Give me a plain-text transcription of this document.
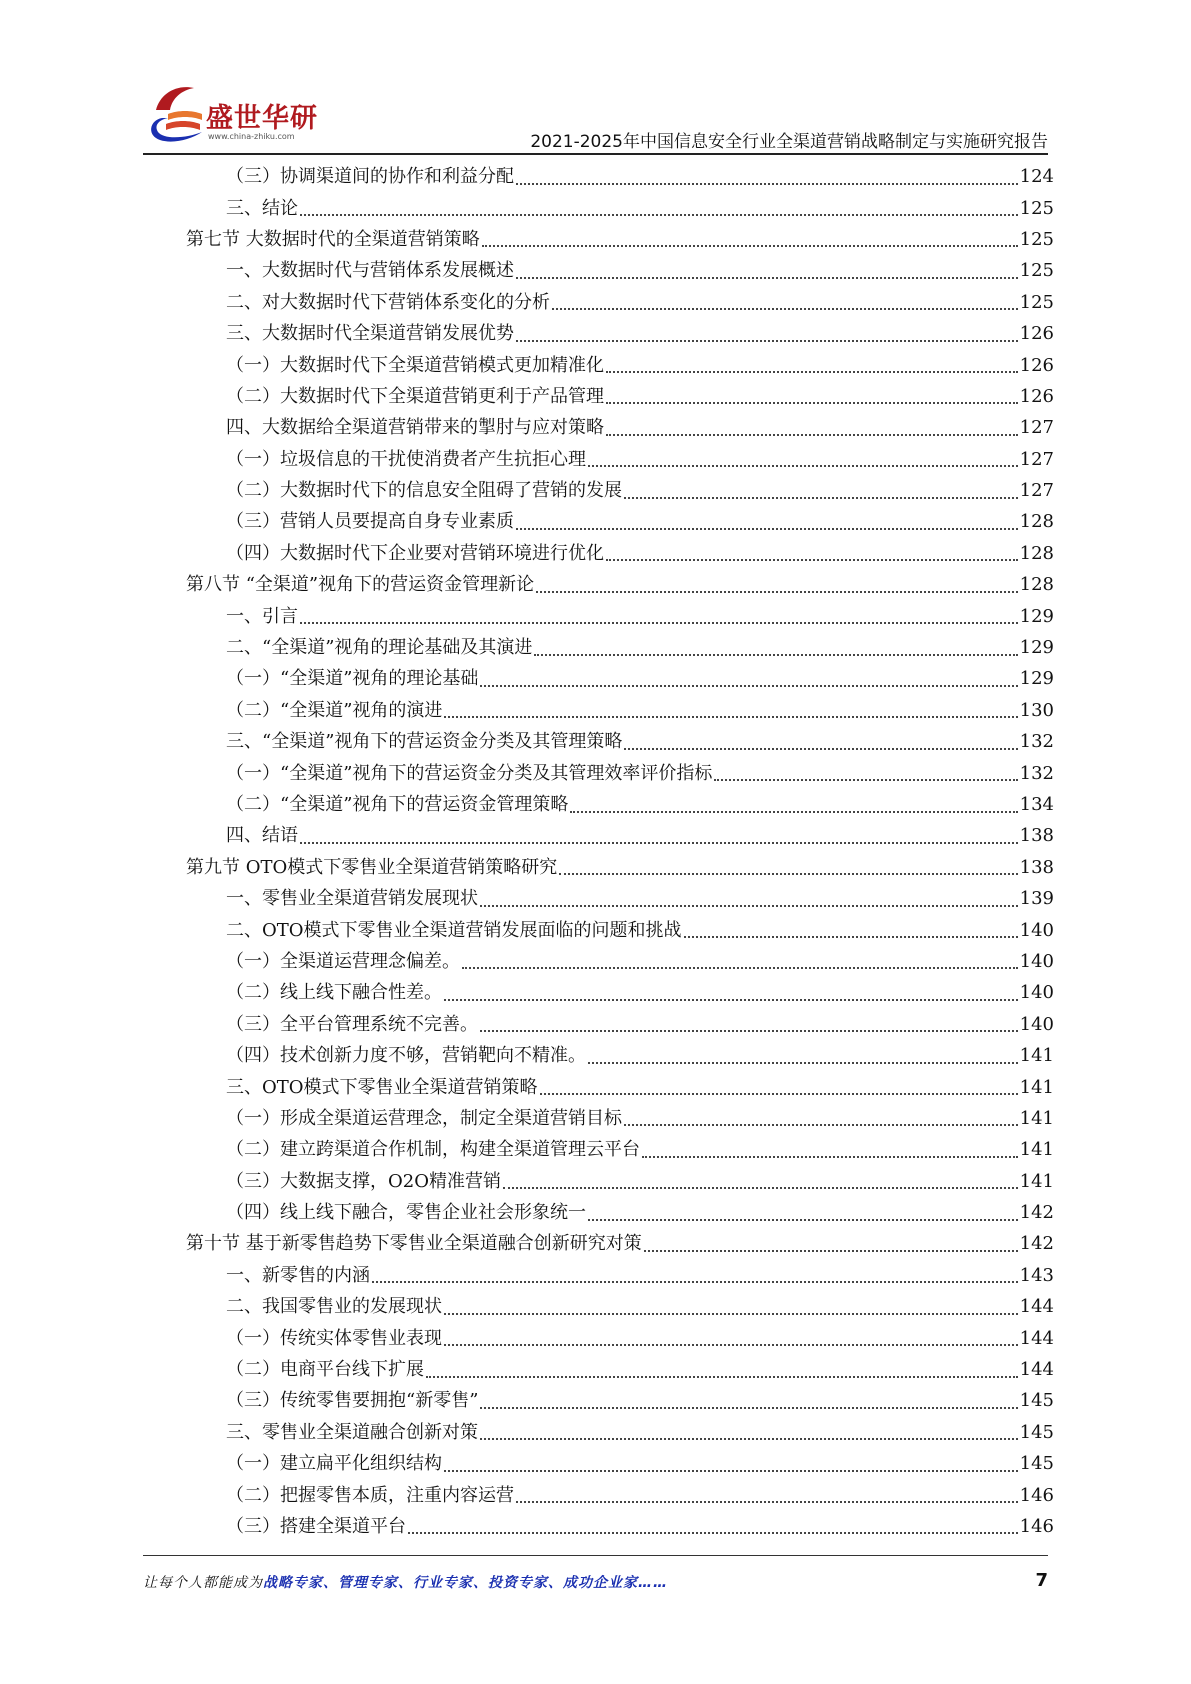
盛世华研
www.china-zhiku.com	2021-2025年中国信息安全行业全渠道营销战略制定与实施研究报告
（三）协调渠道间的协作和利益分配	124
三、结论	125
第七节 大数据时代的全渠道营销策略	125
一、大数据时代与营销体系发展概述	125
二、对大数据时代下营销体系变化的分析	125
三、大数据时代全渠道营销发展优势	126
（一）大数据时代下全渠道营销模式更加精准化	126
（二）大数据时代下全渠道营销更利于产品管理	126
四、大数据给全渠道营销带来的掣肘与应对策略	127
（一）垃圾信息的干扰使消费者产生抗拒心理	127
（二）大数据时代下的信息安全阻碍了营销的发展	127
（三）营销人员要提高自身专业素质	128
（四）大数据时代下企业要对营销环境进行优化	128
第八节 “全渠道”视角下的营运资金管理新论	128
一、引言	129
二、“全渠道”视角的理论基础及其演进	129
（一）“全渠道”视角的理论基础	129
（二）“全渠道”视角的演进	130
三、“全渠道”视角下的营运资金分类及其管理策略	132
（一）“全渠道”视角下的营运资金分类及其管理效率评价指标	132
（二）“全渠道”视角下的营运资金管理策略	134
四、结语	138
第九节 OTO模式下零售业全渠道营销策略研究	138
一、零售业全渠道营销发展现状	139
二、OTO模式下零售业全渠道营销发展面临的问题和挑战	140
（一）全渠道运营理念偏差。	140
（二）线上线下融合性差。	140
（三）全平台管理系统不完善。	140
（四）技术创新力度不够，营销靶向不精准。	141
三、OTO模式下零售业全渠道营销策略	141
（一）形成全渠道运营理念，制定全渠道营销目标	141
（二）建立跨渠道合作机制，构建全渠道管理云平台	141
（三）大数据支撑，O2O精准营销	141
（四）线上线下融合，零售企业社会形象统一	142
第十节 基于新零售趋势下零售业全渠道融合创新研究对策	142
一、新零售的内涵	143
二、我国零售业的发展现状	144
（一）传统实体零售业表现	144
（二）电商平台线下扩展	144
（三）传统零售要拥抱“新零售”	145
三、零售业全渠道融合创新对策	145
（一）建立扁平化组织结构	145
（二）把握零售本质，注重内容运营	146
（三）搭建全渠道平台	146
让每个人都能成为战略专家、管理专家、行业专家、投资专家、成功企业家……	7
